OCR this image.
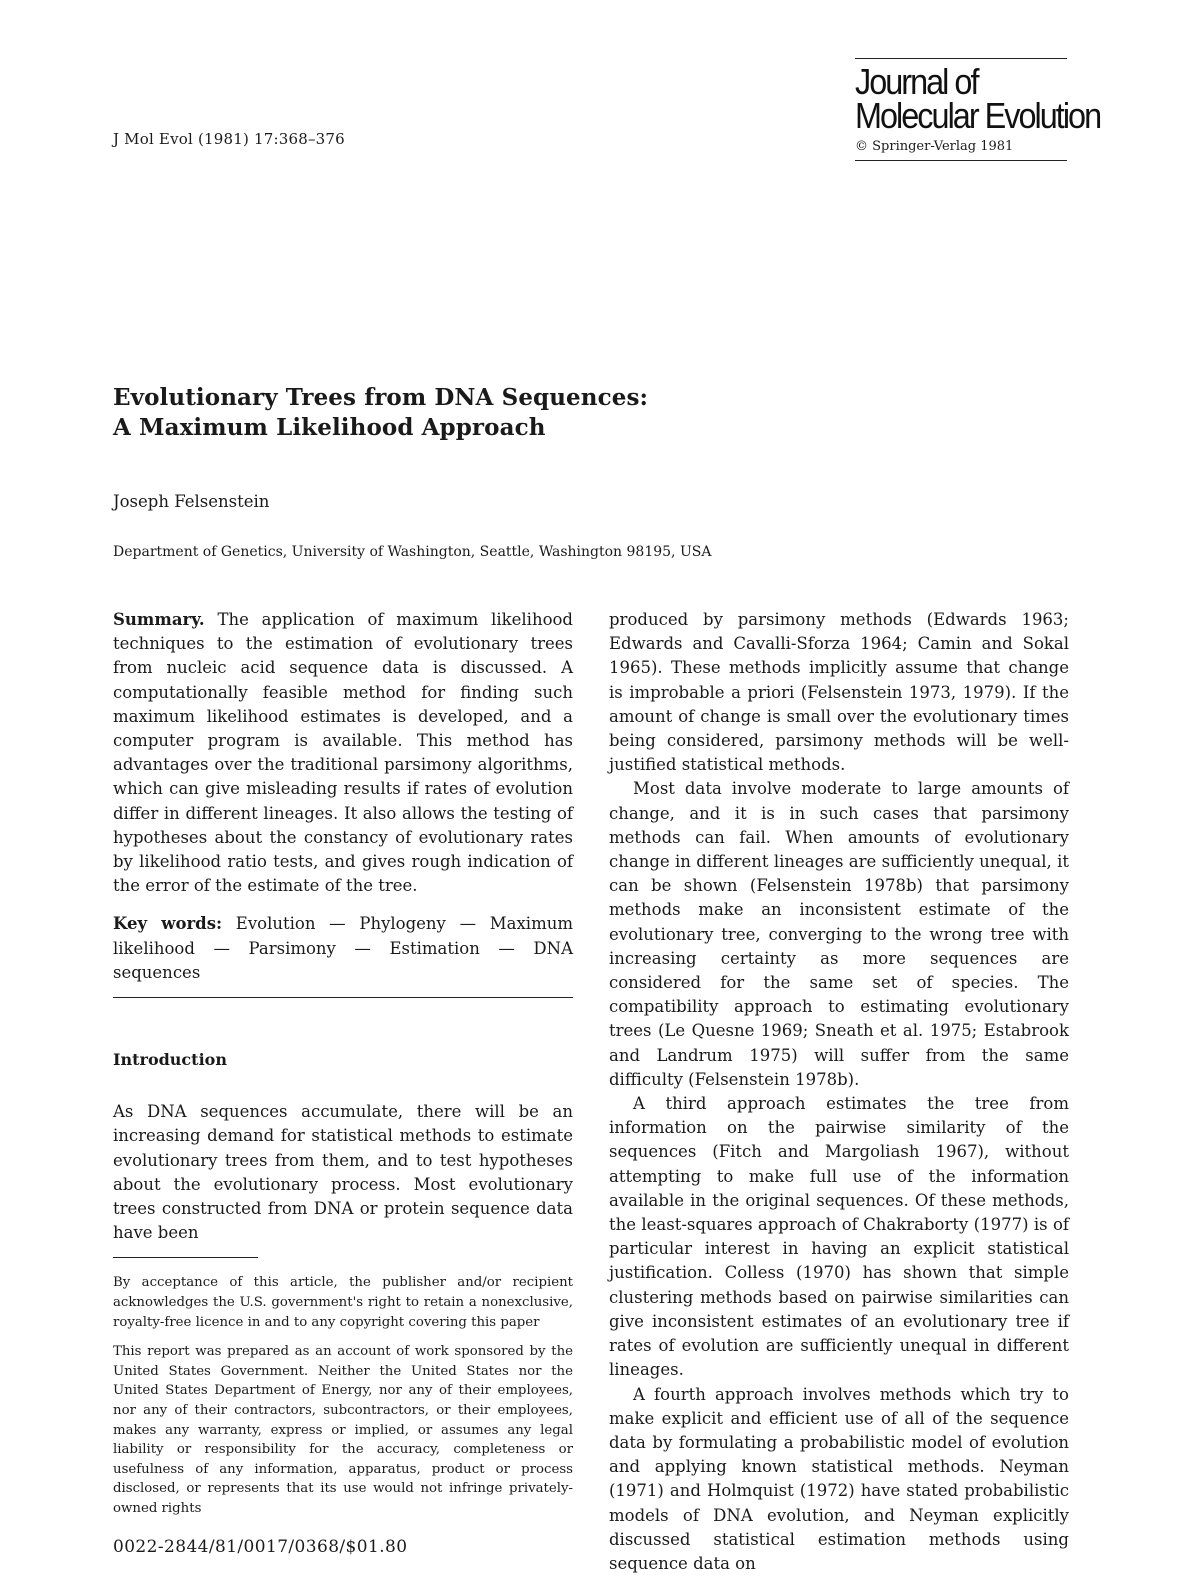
J Mol Evol (1981) 17:368–376
Journal of
Molecular Evolution
© Springer-Verlag 1981
Evolutionary Trees from DNA Sequences:
A Maximum Likelihood Approach
Joseph Felsenstein
Department of Genetics, University of Washington, Seattle, Washington 98195, USA

Summary. The application of maximum likelihood techniques to the estimation of evolutionary trees from nucleic acid sequence data is discussed. A computationally feasible method for finding such maximum likelihood estimates is developed, and a computer program is available. This method has advantages over the traditional parsimony algorithms, which can give misleading results if rates of evolution differ in different lineages. It also allows the testing of hypotheses about the constancy of evolutionary rates by likelihood ratio tests, and gives rough indication of the error of the estimate of the tree.

Key words: Evolution — Phylogeny — Maximum likelihood — Parsimony — Estimation — DNA sequences

Introduction

As DNA sequences accumulate, there will be an increasing demand for statistical methods to estimate evolutionary trees from them, and to test hypotheses about the evolutionary process. Most evolutionary trees constructed from DNA or protein sequence data have been

By acceptance of this article, the publisher and/or recipient acknowledges the U.S. government's right to retain a nonexclusive, royalty-free licence in and to any copyright covering this paper

This report was prepared as an account of work sponsored by the United States Government. Neither the United States nor the United States Department of Energy, nor any of their employees, nor any of their contractors, subcontractors, or their employees, makes any warranty, express or implied, or assumes any legal liability or responsibility for the accuracy, completeness or usefulness of any information, apparatus, product or process disclosed, or represents that its use would not infringe privately-owned rights

produced by parsimony methods (Edwards 1963; Edwards and Cavalli-Sforza 1964; Camin and Sokal 1965). These methods implicitly assume that change is improbable a priori (Felsenstein 1973, 1979). If the amount of change is small over the evolutionary times being considered, parsimony methods will be well-justified statistical methods.

Most data involve moderate to large amounts of change, and it is in such cases that parsimony methods can fail. When amounts of evolutionary change in different lineages are sufficiently unequal, it can be shown (Felsenstein 1978b) that parsimony methods make an inconsistent estimate of the evolutionary tree, converging to the wrong tree with increasing certainty as more sequences are considered for the same set of species. The compatibility approach to estimating evolutionary trees (Le Quesne 1969; Sneath et al. 1975; Estabrook and Landrum 1975) will suffer from the same difficulty (Felsenstein 1978b).

A third approach estimates the tree from information on the pairwise similarity of the sequences (Fitch and Margoliash 1967), without attempting to make full use of the information available in the original sequences. Of these methods, the least-squares approach of Chakraborty (1977) is of particular interest in having an explicit statistical justification. Colless (1970) has shown that simple clustering methods based on pairwise similarities can give inconsistent estimates of an evolutionary tree if rates of evolution are sufficiently unequal in different lineages.

A fourth approach involves methods which try to make explicit and efficient use of all of the sequence data by formulating a probabilistic model of evolution and applying known statistical methods. Neyman (1971) and Holmquist (1972) have stated probabilistic models of DNA evolution, and Neyman explicitly discussed statistical estimation methods using sequence data on

0022-2844/81/0017/0368/$01.80
